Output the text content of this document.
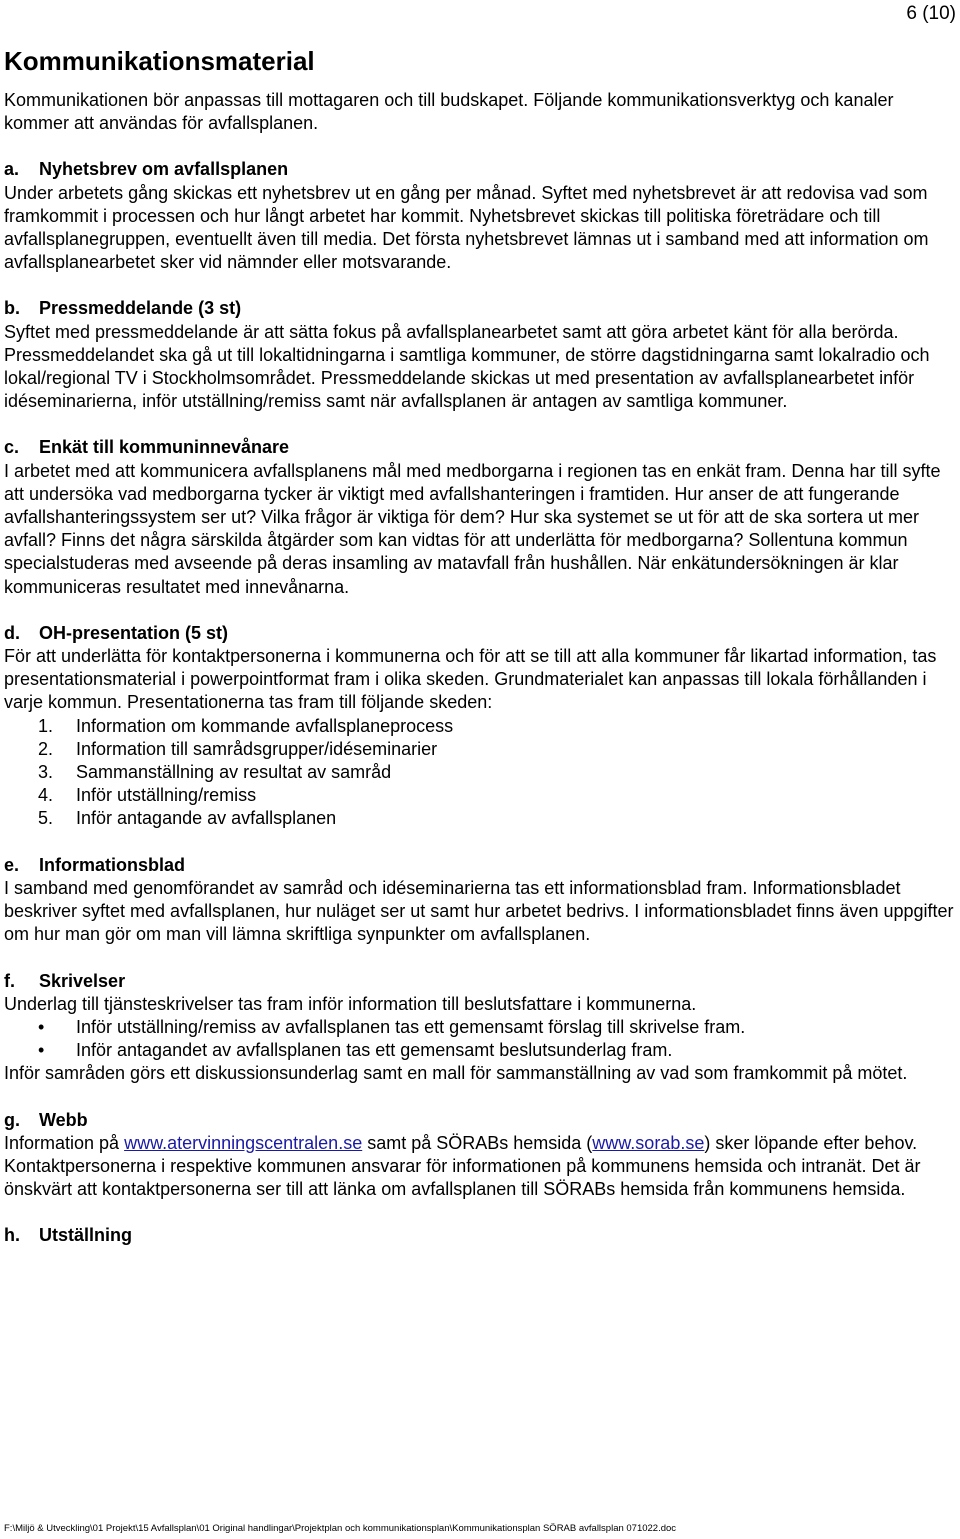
6 (10)
Kommunikationsmaterial

Kommunikationen bör anpassas till mottagaren och till budskapet. Följande kommunikationsverktyg och kanaler kommer att användas för avfallsplanen.

a. Nyhetsbrev om avfallsplanen

Under arbetets gång skickas ett nyhetsbrev ut en gång per månad. Syftet med nyhetsbrevet är att redovisa vad som framkommit i processen och hur långt arbetet har kommit. Nyhetsbrevet skickas till politiska företrädare och till avfallsplanegruppen, eventuellt även till media. Det första nyhetsbrevet lämnas ut i samband med att information om avfallsplanearbetet sker vid nämnder eller motsvarande.

b. Pressmeddelande (3 st)

Syftet med pressmeddelande är att sätta fokus på avfallsplanearbetet samt att göra arbetet känt för alla berörda. Pressmeddelandet ska gå ut till lokaltidningarna i samtliga kommuner, de större dagstidningarna samt lokalradio och lokal/regional TV i Stockholmsområdet. Pressmeddelande skickas ut med presentation av avfallsplanearbetet inför idéseminarierna, inför utställning/remiss samt när avfallsplanen är antagen av samtliga kommuner.

c. Enkät till kommuninnevånare

I arbetet med att kommunicera avfallsplanens mål med medborgarna i regionen tas en enkät fram. Denna har till syfte att undersöka vad medborgarna tycker är viktigt med avfallshanteringen i framtiden. Hur anser de att fungerande avfallshanteringssystem ser ut? Vilka frågor är viktiga för dem? Hur ska systemet se ut för att de ska sortera ut mer avfall? Finns det några särskilda åtgärder som kan vidtas för att underlätta för medborgarna? Sollentuna kommun specialstuderas med avseende på deras insamling av matavfall från hushållen. När enkätundersökningen är klar kommuniceras resultatet med innevånarna.

d. OH-presentation (5 st)

För att underlätta för kontaktpersonerna i kommunerna och för att se till att alla kommuner får likartad information, tas presentationsmaterial i powerpointformat fram i olika skeden. Grundmaterialet kan anpassas till lokala förhållanden i varje kommun. Presentationerna tas fram till följande skeden:

1. Information om kommande avfallsplaneprocess
2. Information till samrådsgrupper/idéseminarier
3. Sammanställning av resultat av samråd
4. Inför utställning/remiss
5. Inför antagande av avfallsplanen

e. Informationsblad

I samband med genomförandet av samråd och idéseminarierna tas ett informationsblad fram. Informationsbladet beskriver syftet med avfallsplanen, hur nuläget ser ut samt hur arbetet bedrivs. I informationsbladet finns även uppgifter om hur man gör om man vill lämna skriftliga synpunkter om avfallsplanen.

f. Skrivelser

Underlag till tjänsteskrivelser tas fram inför information till beslutsfattare i kommunerna.

• Inför utställning/remiss av avfallsplanen tas ett gemensamt förslag till skrivelse fram.
• Inför antagandet av avfallsplanen tas ett gemensamt beslutsunderlag fram.

Inför samråden görs ett diskussionsunderlag samt en mall för sammanställning av vad som framkommit på mötet.

g. Webb

Information på www.atervinningscentralen.se samt på SÖRABs hemsida (www.sorab.se) sker löpande efter behov. Kontaktpersonerna i respektive kommunen ansvarar för informationen på kommunens hemsida och intranät. Det är önskvärt att kontaktpersonerna ser till att länka om avfallsplanen till SÖRABs hemsida från kommunens hemsida.

h. Utställning

F:\Miljö & Utveckling\01 Projekt\15 Avfallsplan\01 Original handlingar\Projektplan och kommunikationsplan\Kommunikationsplan SÖRAB avfallsplan 071022.doc
